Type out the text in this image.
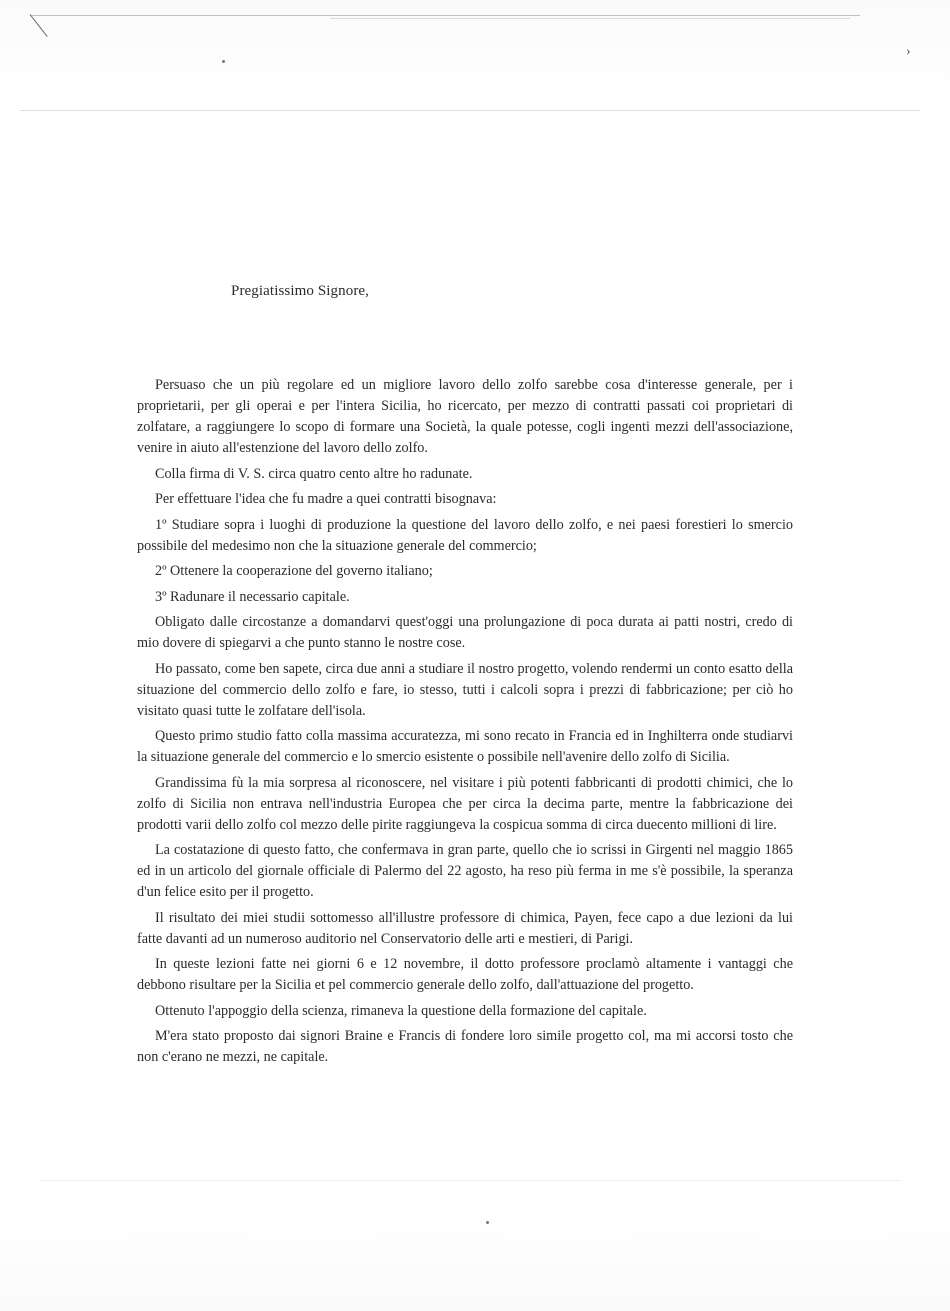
›
Pregiatissimo Signore,

Persuaso che un più regolare ed un migliore lavoro dello zolfo sarebbe cosa d'interesse generale, per i proprietarii, per gli operai e per l'intera Sicilia, ho ricercato, per mezzo di contratti passati coi proprietari di zolfatare, a raggiungere lo scopo di formare una Società, la quale potesse, cogli ingenti mezzi dell'associazione, venire in aiuto all'estenzione del lavoro dello zolfo.

Colla firma di V. S. circa quatro cento altre ho radunate.

Per effettuare l'idea che fu madre a quei contratti bisognava:

1º Studiare sopra i luoghi di produzione la questione del lavoro dello zolfo, e nei paesi forestieri lo smercio possibile del medesimo non che la situazione generale del commercio;

2º Ottenere la cooperazione del governo italiano;

3º Radunare il necessario capitale.

Obligato dalle circostanze a domandarvi quest'oggi una prolungazione di poca durata ai patti nostri, credo di mio dovere di spiegarvi a che punto stanno le nostre cose.

Ho passato, come ben sapete, circa due anni a studiare il nostro progetto, volendo rendermi un conto esatto della situazione del commercio dello zolfo e fare, io stesso, tutti i calcoli sopra i prezzi di fabbricazione; per ciò ho visitato quasi tutte le zolfatare dell'isola.

Questo primo studio fatto colla massima accuratezza, mi sono recato in Francia ed in Inghilterra onde studiarvi la situazione generale del commercio e lo smercio esistente o possibile nell'avenire dello zolfo di Sicilia.

Grandissima fù la mia sorpresa al riconoscere, nel visitare i più potenti fabbricanti di prodotti chimici, che lo zolfo di Sicilia non entrava nell'industria Europea che per circa la decima parte, mentre la fabbricazione dei prodotti varii dello zolfo col mezzo delle pirite raggiungeva la cospicua somma di circa duecento millioni di lire.

La costatazione di questo fatto, che confermava in gran parte, quello che io scrissi in Girgenti nel maggio 1865 ed in un articolo del giornale officiale di Palermo del 22 agosto, ha reso più ferma in me s'è possibile, la speranza d'un felice esito per il progetto.

Il risultato dei miei studii sottomesso all'illustre professore di chimica, Payen, fece capo a due lezioni da lui fatte davanti ad un numeroso auditorio nel Conservatorio delle arti e mestieri, di Parigi.

In queste lezioni fatte nei giorni 6 e 12 novembre, il dotto professore proclamò altamente i vantaggi che debbono risultare per la Sicilia et pel commercio generale dello zolfo, dall'attuazione del progetto.

Ottenuto l'appoggio della scienza, rimaneva la questione della formazione del capitale.

M'era stato proposto dai signori Braine e Francis di fondere loro simile progetto col, ma mi accorsi tosto che non c'erano ne mezzi, ne capitale.
